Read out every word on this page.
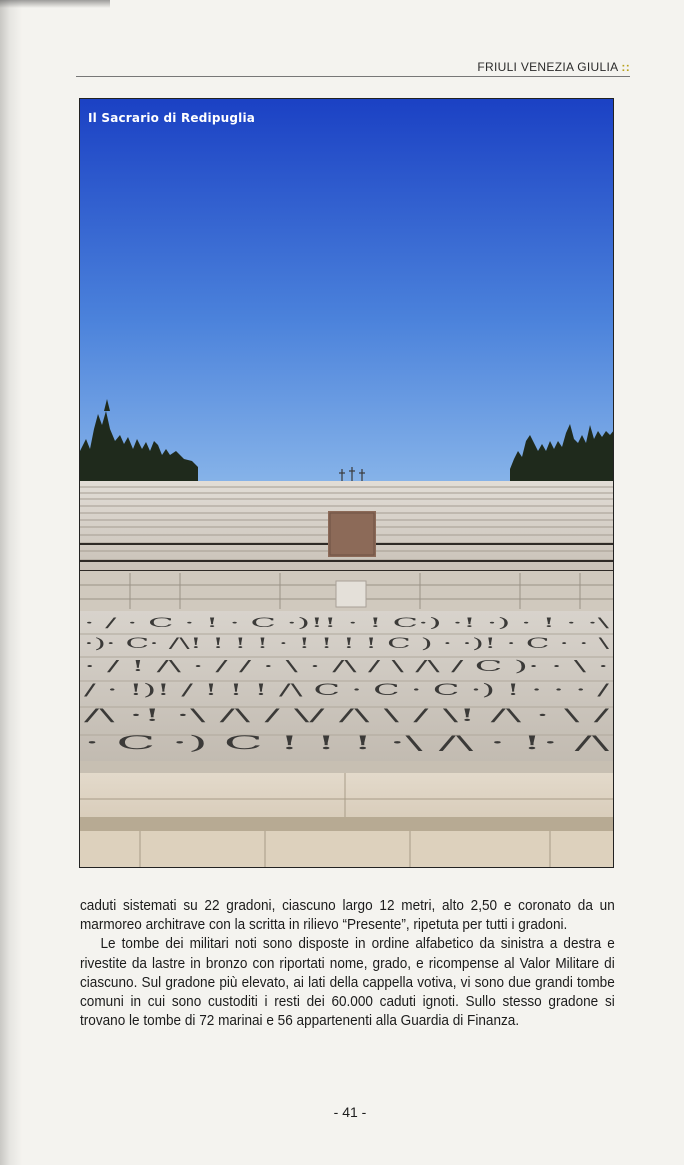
FRIULI VENEZIA GIULIA ::
· / · C · ! · C ·)!! · ! C·) ·! ·) · ! · ·\
·)· C· /\! ! ! ! · ! ! ! ! C ) · ·)! · C · · \
· / ! /\ · / / · \ · /\ / \ /\ / C )· · \ ·
/ · !)! / ! ! ! /\ C · C · C ·) ! · · · /
/\ ·! ·\ /\ / \/ /\ \ / \! /\ · \ /
· C ·) C ! ! ! ·\ /\ · !· /\
Il Sacrario di Redipuglia

caduti sistemati su 22 gradoni, ciascuno largo 12 metri, alto 2,50 e coronato da un marmoreo architrave con la scritta in rilievo “Presente”, ripetuta per tutti i gradoni.

Le tombe dei militari noti sono disposte in ordine alfabetico da sinistra a destra e rivestite da lastre in bronzo con riportati nome, grado, e ricompense al Valor Militare di ciascuno. Sul gradone più elevato, ai lati della cappella votiva, vi sono due grandi tombe comuni in cui sono custoditi i resti dei 60.000 caduti ignoti. Sullo stesso gradone si trovano le tombe di 72 marinai e 56 appartenenti alla Guardia di Finanza.

- 41 -
